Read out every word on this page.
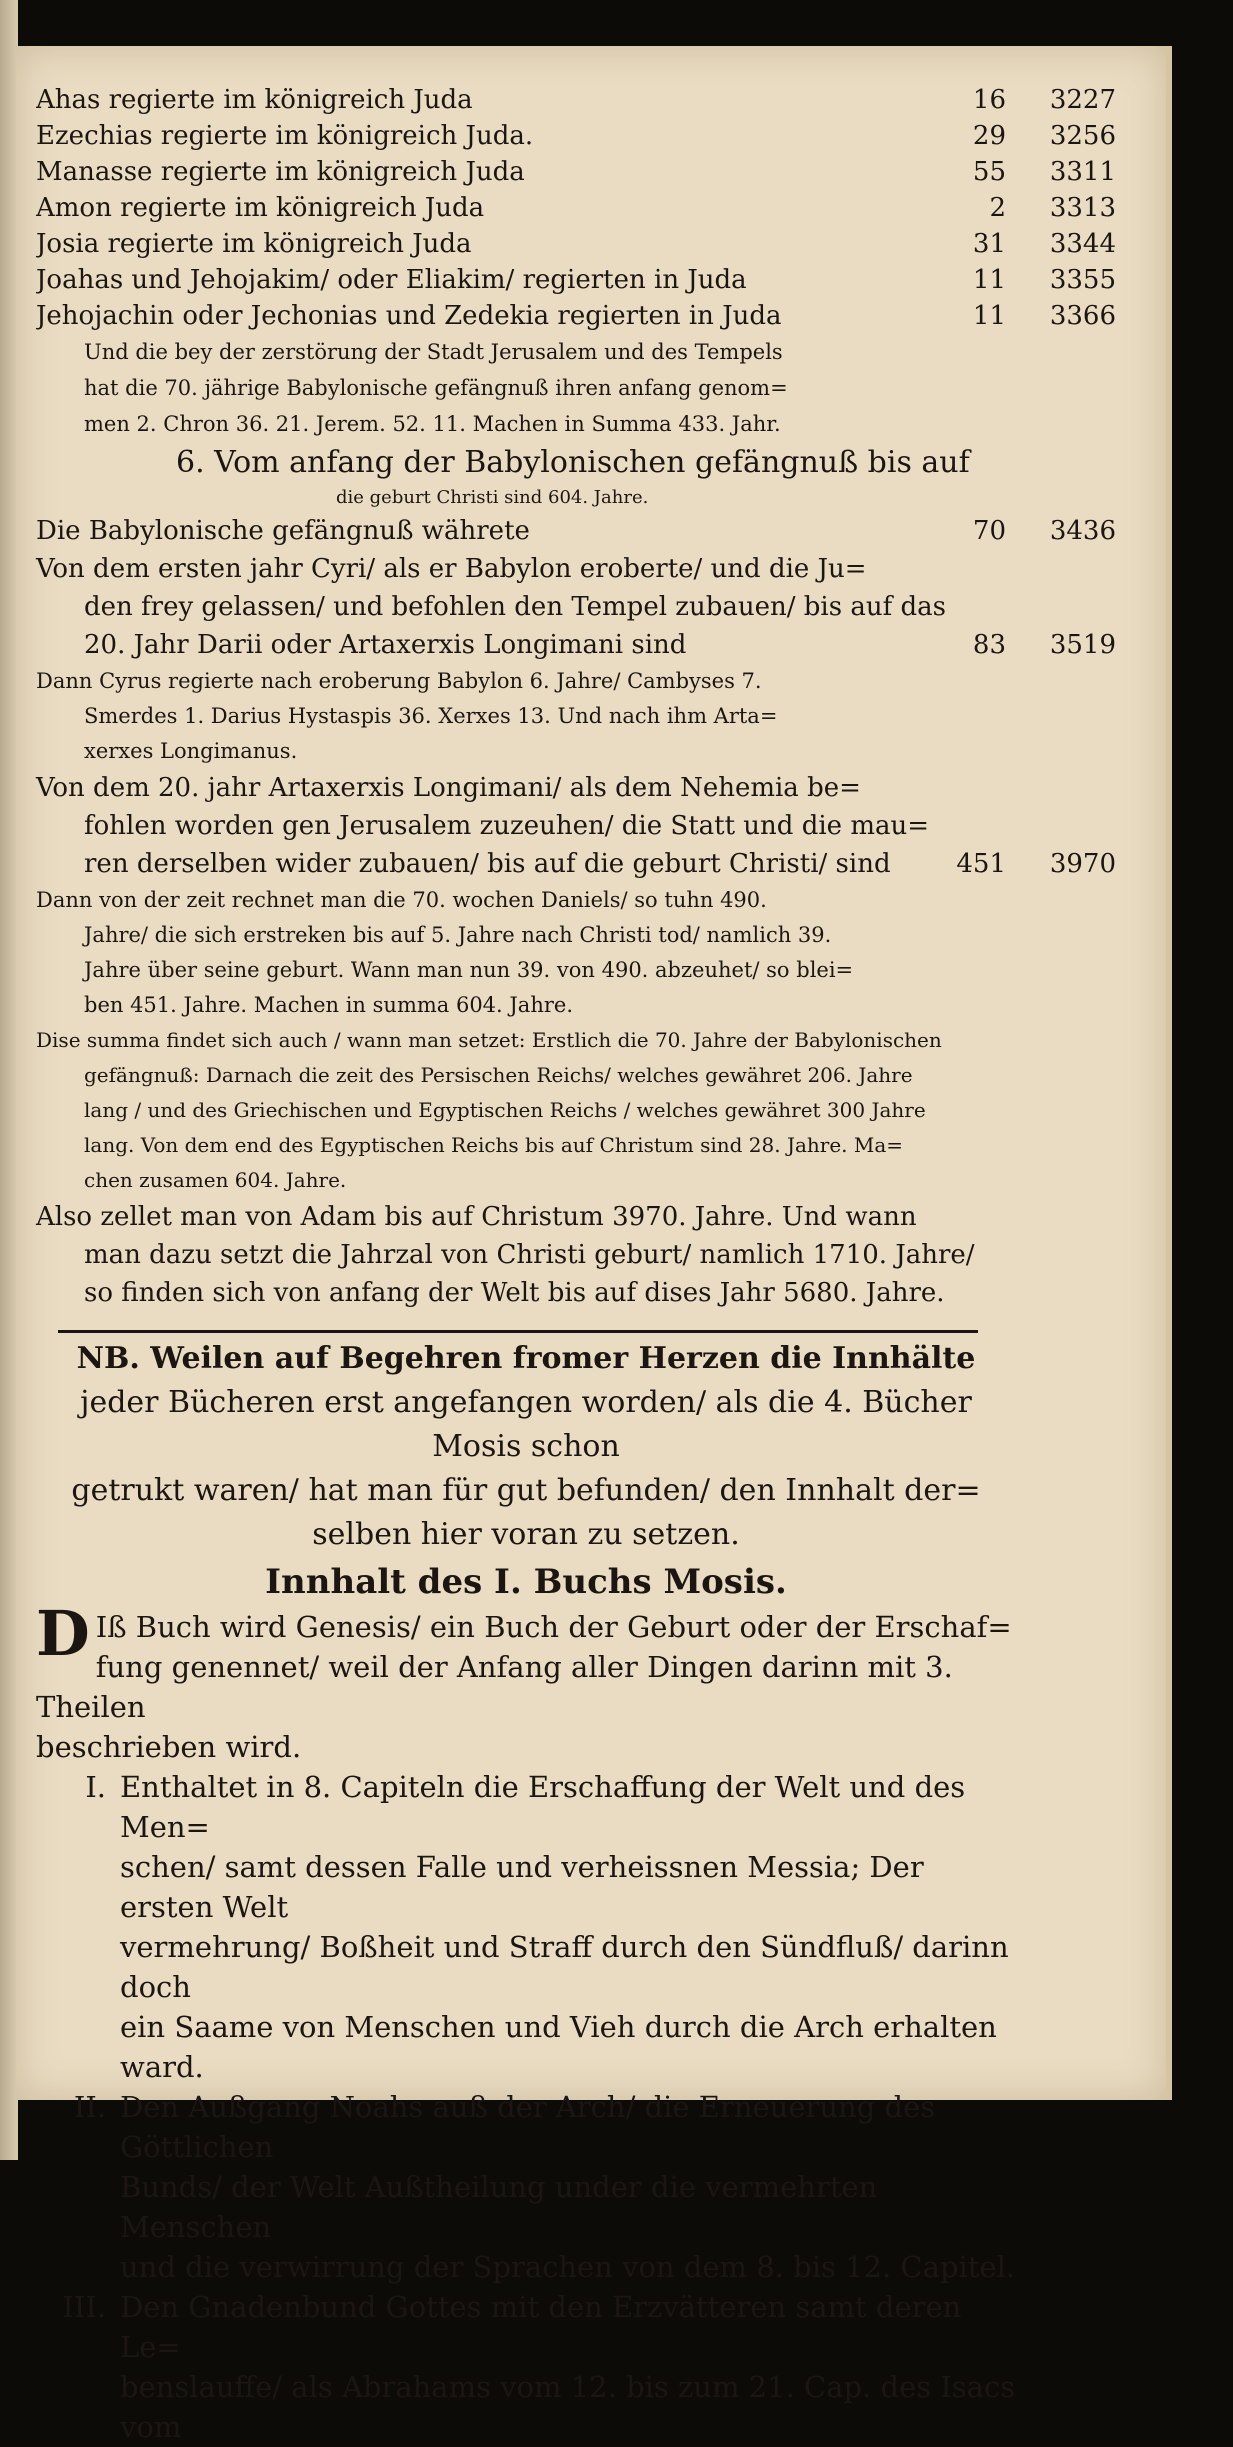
Ahas regierte im königreich Juda	16	3227
Ezechias regierte im königreich Juda.	29	3256
Manasse regierte im königreich Juda	55	3311
Amon regierte im königreich Juda	2	3313
Josia regierte im königreich Juda	31	3344
Joahas und Jehojakim/ oder Eliakim/ regierten in Juda	11	3355
Jehojachin oder Jechonias und Zedekia regierten in Juda	11	3366
Und die bey der zerstörung der Stadt Jerusalem und des Tempels
hat die 70. jährige Babylonische gefängnuß ihren anfang genom=
men 2. Chron 36. 21. Jerem. 52. 11. Machen in Summa 433. Jahr.
6. Vom anfang der Babylonischen gefängnuß bis auf
die geburt Christi sind 604. Jahre.
Die Babylonische gefängnuß währete	70	3436
Von dem ersten jahr Cyri/ als er Babylon eroberte/ und die Ju=
den frey gelassen/ und befohlen den Tempel zubauen/ bis auf das
20. Jahr Darii oder Artaxerxis Longimani sind	83	3519
Dann Cyrus regierte nach eroberung Babylon 6. Jahre/ Cambyses 7.
Smerdes 1. Darius Hystaspis 36. Xerxes 13. Und nach ihm Arta=
xerxes Longimanus.
Von dem 20. jahr Artaxerxis Longimani/ als dem Nehemia be=
fohlen worden gen Jerusalem zuzeuhen/ die Statt und die mau=
ren derselben wider zubauen/ bis auf die geburt Christi/ sind	451	3970
Dann von der zeit rechnet man die 70. wochen Daniels/ so tuhn 490.
Jahre/ die sich erstreken bis auf 5. Jahre nach Christi tod/ namlich 39.
Jahre über seine geburt. Wann man nun 39. von 490. abzeuhet/ so blei=
ben 451. Jahre. Machen in summa 604. Jahre.
Dise summa findet sich auch / wann man setzet: Erstlich die 70. Jahre der Babylonischen
gefängnuß: Darnach die zeit des Persischen Reichs/ welches gewähret 206. Jahre
lang / und des Griechischen und Egyptischen Reichs / welches gewähret 300 Jahre
lang. Von dem end des Egyptischen Reichs bis auf Christum sind 28. Jahre. Ma=
chen zusamen 604. Jahre.
Also zellet man von Adam bis auf Christum 3970. Jahre. Und wann
man dazu setzt die Jahrzal von Christi geburt/ namlich 1710. Jahre/
so finden sich von anfang der Welt bis auf dises Jahr 5680. Jahre.
NB. Weilen auf Begehren fromer Herzen die Innhälte
jeder Bücheren erst angefangen worden/ als die 4. Bücher Mosis schon
getrukt waren/ hat man für gut befunden/ den Innhalt der=
selben hier voran zu setzen.
Innhalt des I. Buchs Mosis.
D Iß Buch wird Genesis/ ein Buch der Geburt oder der Erschaf=
fung genennet/ weil der Anfang aller Dingen darinn mit 3. Theilen
beschrieben wird.
I. Enthaltet in 8. Capiteln die Erschaffung der Welt und des Men=
schen/ samt dessen Falle und verheissnen Messia; Der ersten Welt
vermehrung/ Boßheit und Straff durch den Sündfluß/ darinn doch
ein Saame von Menschen und Vieh durch die Arch erhalten ward.
II. Den Außgang Noahs auß der Arch/ die Erneuerung des Göttlichen
Bunds/ der Welt Außtheilung under die vermehrten Menschen
und die verwirrung der Sprachen von dem 8. bis 12. Capitel.
III. Den Gnadenbund Gottes mit den Erzvätteren samt deren Le=
benslauffe/ als Abrahams vom 12. bis zum 21. Cap. des Isacs vom
